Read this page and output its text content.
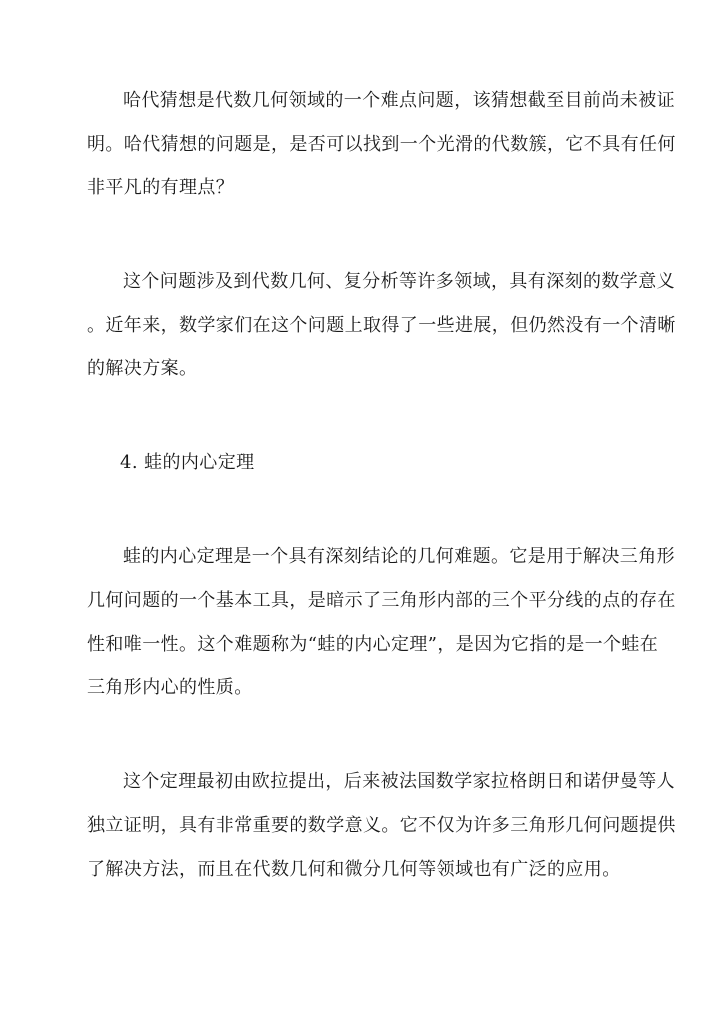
哈代猜想是代数几何领域的一个难点问题，该猜想截至目前尚未被证
明。哈代猜想的问题是，是否可以找到一个光滑的代数簇，它不具有任何
非平凡的有理点？
这个问题涉及到代数几何、复分析等许多领域，具有深刻的数学意义
。近年来，数学家们在这个问题上取得了一些进展，但仍然没有一个清晰
的解决方案。
4. 蛙的内心定理
蛙的内心定理是一个具有深刻结论的几何难题。它是用于解决三角形
几何问题的一个基本工具，是暗示了三角形内部的三个平分线的点的存在
性和唯一性。这个难题称为“蛙的内心定理”，是因为它指的是一个蛙在
三角形内心的性质。
这个定理最初由欧拉提出，后来被法国数学家拉格朗日和诺伊曼等人
独立证明，具有非常重要的数学意义。它不仅为许多三角形几何问题提供
了解决方法，而且在代数几何和微分几何等领域也有广泛的应用。
